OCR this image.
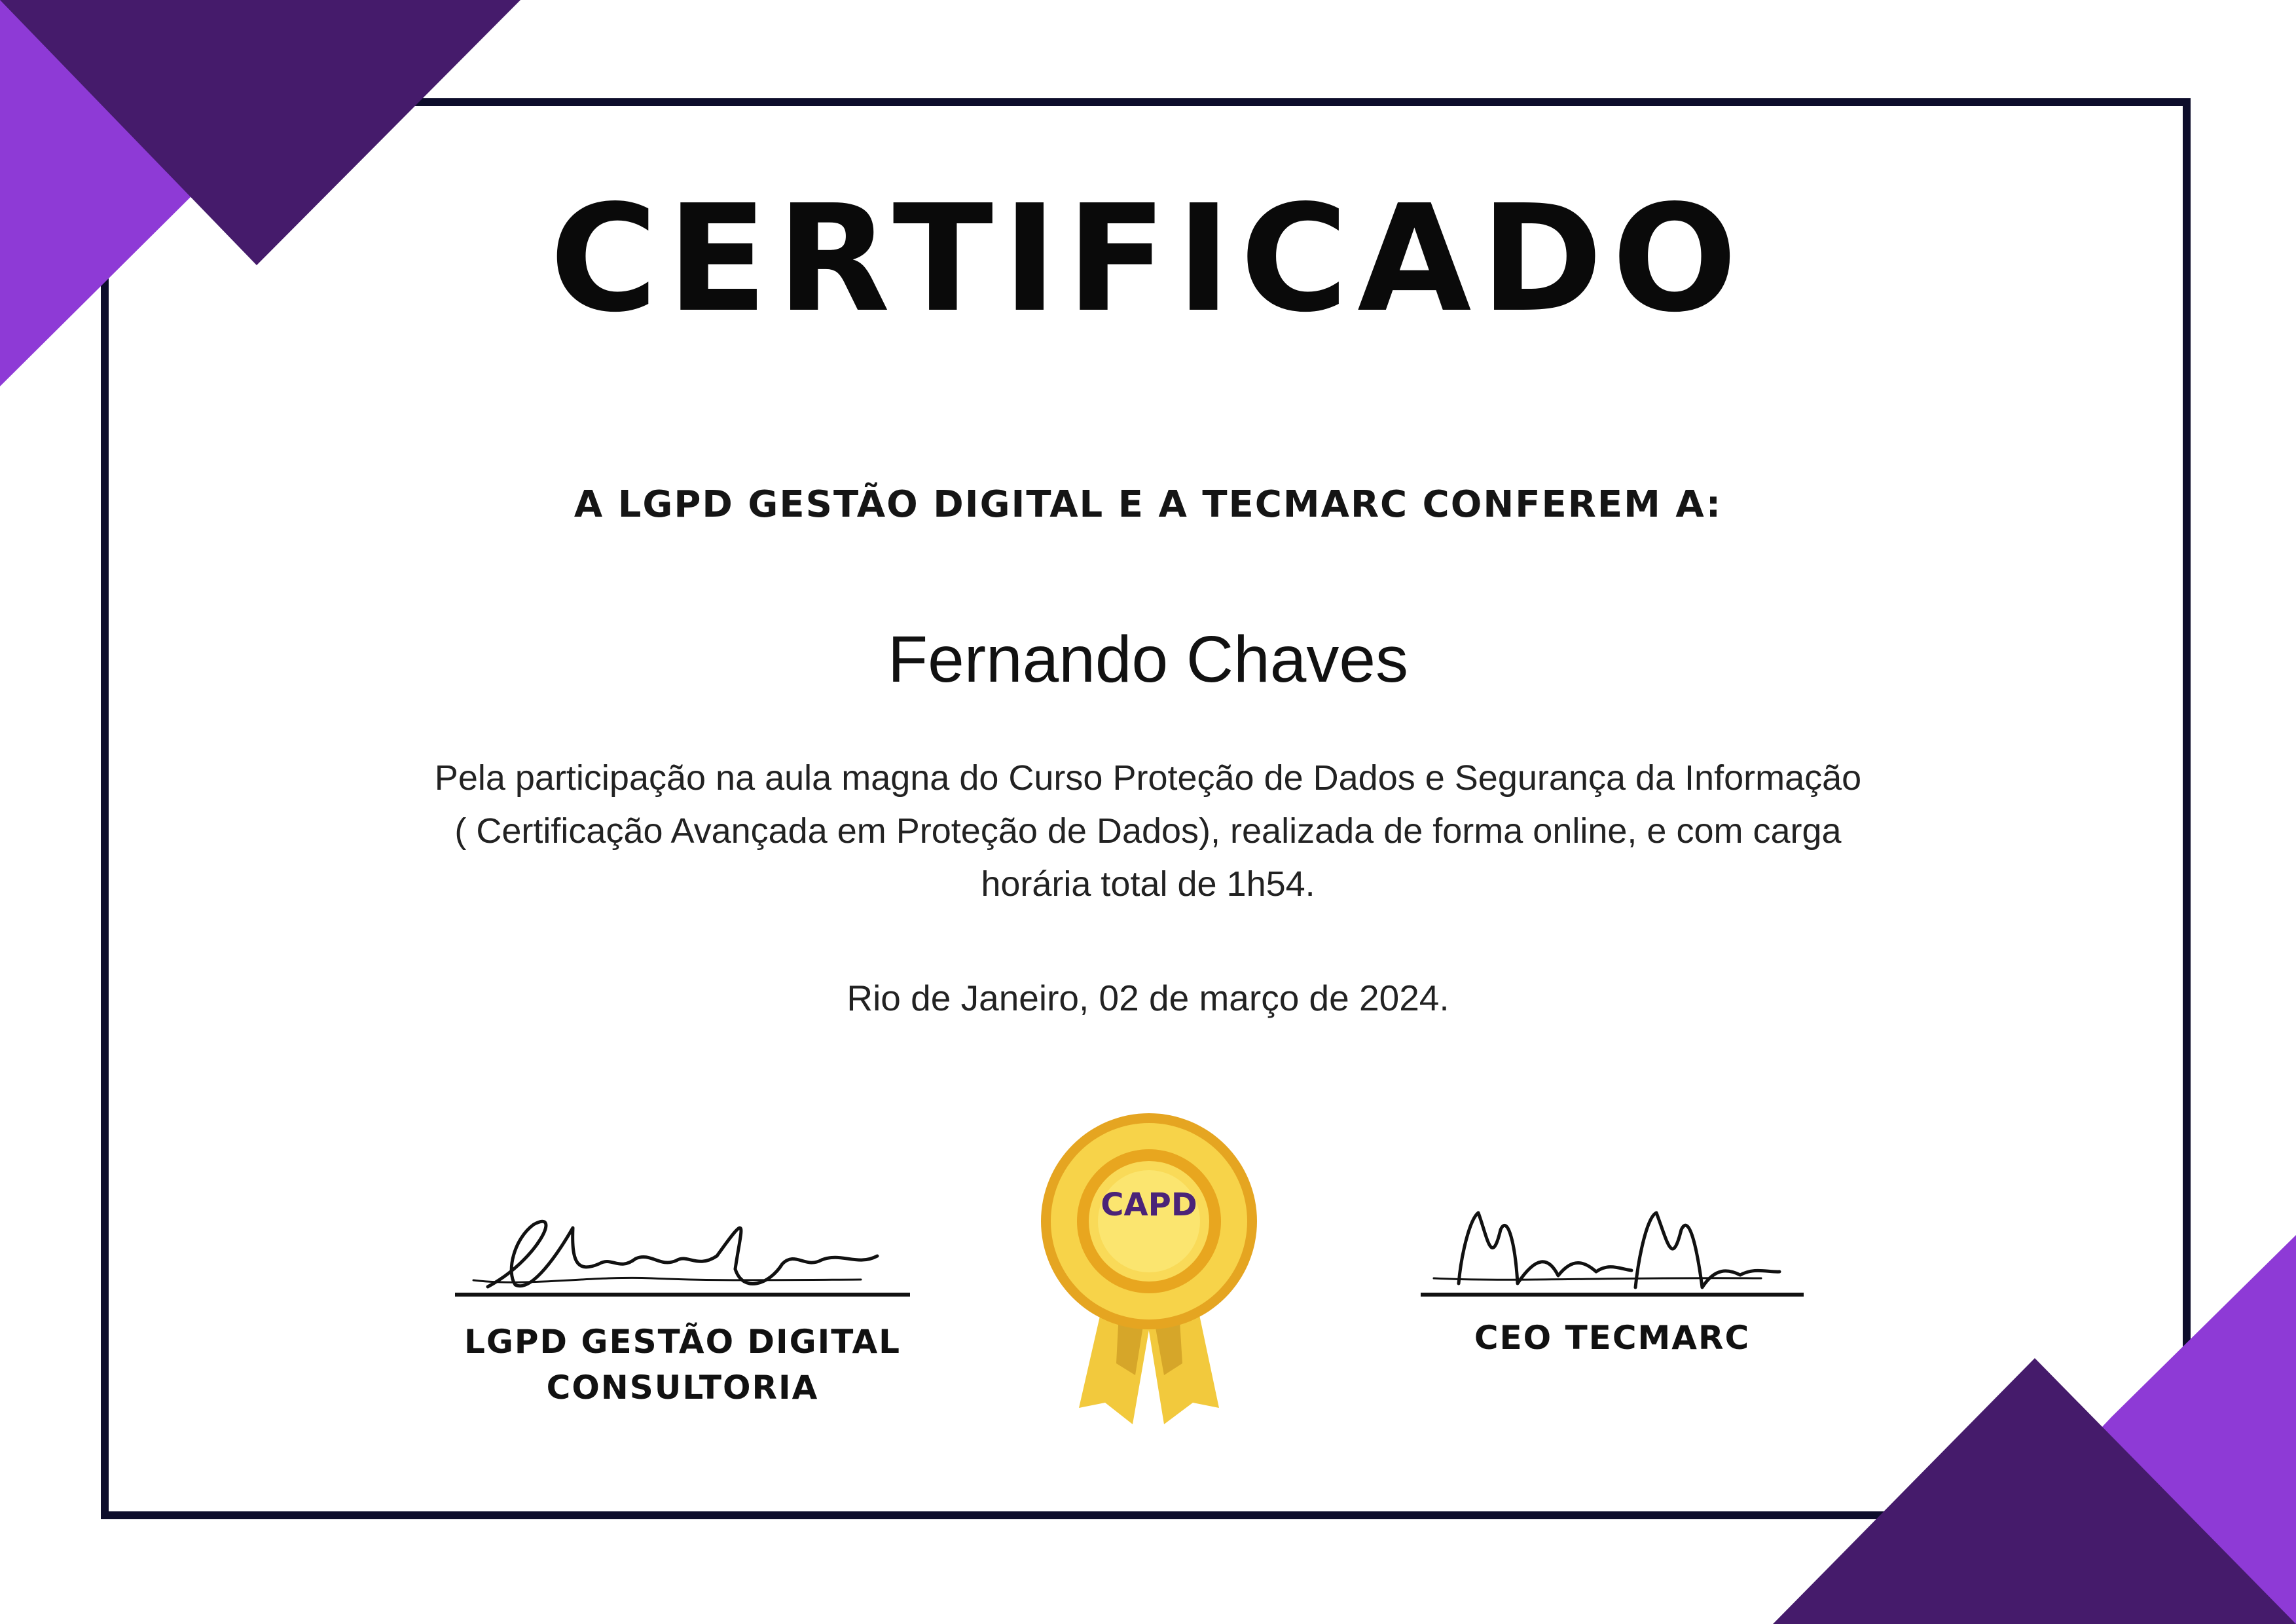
CERTIFICADO
A LGPD GESTÃO DIGITAL E A TECMARC CONFEREM A:
Fernando Chaves
Pela participação na aula magna do Curso Proteção de Dados e Segurança da Informação
( Certificação Avançada em Proteção de Dados), realizada de forma online, e com carga
horária total de 1h54.
Rio de Janeiro, 02 de março de 2024.
LGPD GESTÃO DIGITAL
CONSULTORIA
CAPD
CEO TECMARC
